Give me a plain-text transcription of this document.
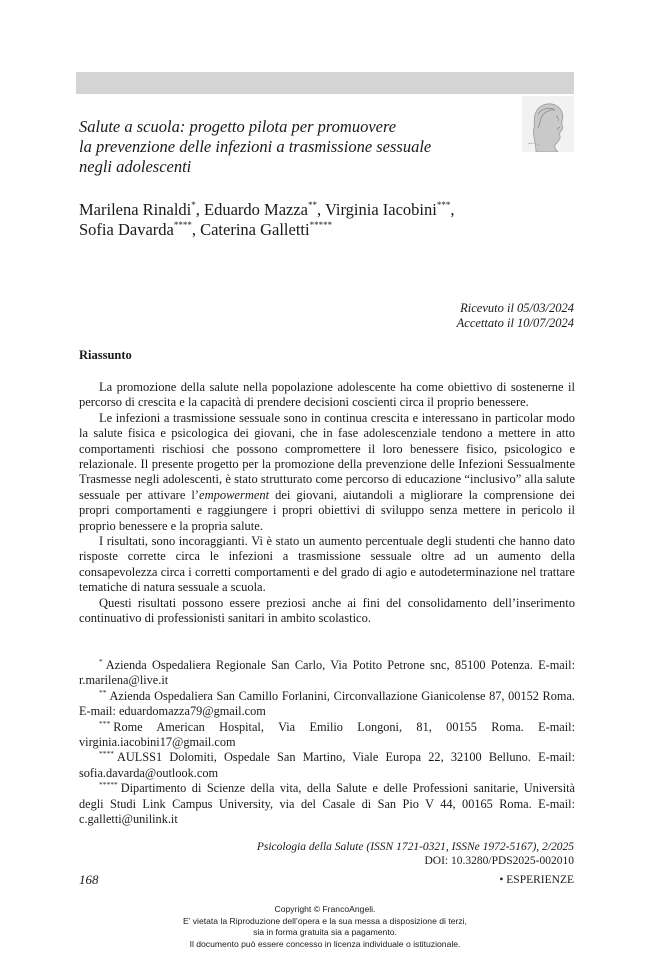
Salute a scuola: progetto pilota per promuovere
la prevenzione delle infezioni a trasmissione sessuale
negli adolescenti
Marilena Rinaldi*, Eduardo Mazza**, Virginia Iacobini***,
Sofia Davarda****, Caterina Galletti*****
Ricevuto il 05/03/2024
Accettato il 10/07/2024
Riassunto

La promozione della salute nella popolazione adolescente ha come obiettivo di sostenerne il percorso di crescita e la capacità di prendere decisioni coscienti circa il proprio benessere.

Le infezioni a trasmissione sessuale sono in continua crescita e interessano in particolar modo la salute fisica e psicologica dei giovani, che in fase adolescenziale tendono a mettere in atto comportamenti rischiosi che possono compromettere il loro benessere fisico, psicologico e relazionale. Il presente progetto per la promozione della prevenzione delle Infezioni Sessualmente Trasmesse negli adolescenti, è stato strutturato come percorso di educazione “inclusivo” alla salute sessuale per attivare l’empowerment dei giovani, aiutandoli a migliorare la comprensione dei propri comportamenti e raggiungere i propri obiettivi di sviluppo senza mettere in pericolo il proprio benessere e la propria salute.

I risultati, sono incoraggianti. Vi è stato un aumento percentuale degli studenti che hanno dato risposte corrette circa le infezioni a trasmissione sessuale oltre ad un aumento della consapevolezza circa i corretti comportamenti e del grado di agio e autodeterminazione nel trattare tematiche di natura sessuale a scuola.

Questi risultati possono essere preziosi anche ai fini del consolidamento dell’inserimento continuativo di professionisti sanitari in ambito scolastico.

* Azienda Ospedaliera Regionale San Carlo, Via Potito Petrone snc, 85100 Potenza. E-mail: r.marilena@live.it

** Azienda Ospedaliera San Camillo Forlanini, Circonvallazione Gianicolense 87, 00152 Roma. E-mail: eduardomazza79@gmail.com

*** Rome American Hospital, Via Emilio Longoni, 81, 00155 Roma. E-mail: virginia.iacobini17@gmail.com

**** AULSS1 Dolomiti, Ospedale San Martino, Viale Europa 22, 32100 Belluno. E-mail: sofia.davarda@outlook.com

***** Dipartimento di Scienze della vita, della Salute e delle Professioni sanitarie, Università degli Studi Link Campus University, via del Casale di San Pio V 44, 00165 Roma. E-mail: c.galletti@unilink.it

Psicologia della Salute (ISSN 1721-0321, ISSNe 1972-5167), 2/2025
DOI: 10.3280/PDS2025-002010
168	• ESPERIENZE
Copyright © FrancoAngeli.
E’ vietata la Riproduzione dell’opera e la sua messa a disposizione di terzi,
sia in forma gratuita sia a pagamento.
Il documento può essere concesso in licenza individuale o istituzionale.
